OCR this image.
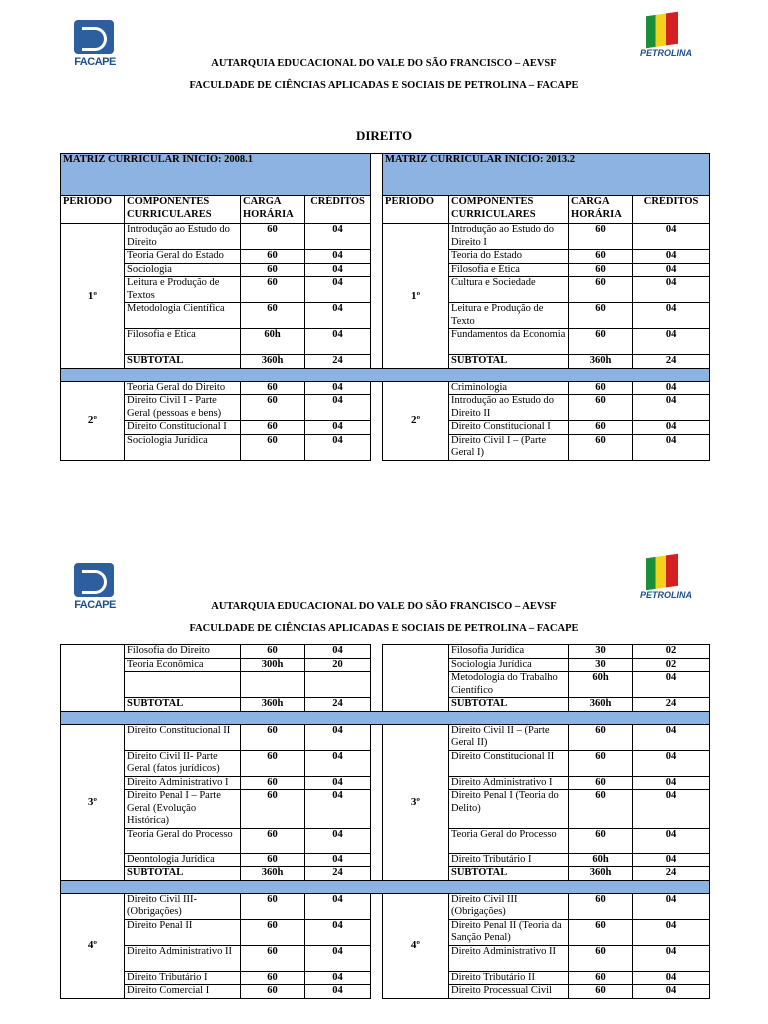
FACAPE
PETROLINA
AUTARQUIA EDUCACIONAL DO VALE DO SÃO FRANCISCO – AEVSF
FACULDADE DE CIÊNCIAS APLICADAS E SOCIAIS DE PETROLINA – FACAPE
DIREITO
MATRIZ CURRICULAR INICIO: 2008.1					MATRIZ CURRICULAR INICIO: 2013.2			
PERÍODO	COMPONENTES CURRICULARES	CARGA HORÁRIA	CRÉDITOS		PERÍODO	COMPONENTES CURRICULARES	CARGA HORÁRIA	CRÉDITOS
1º	Introdução ao Estudo do Direito	60	04		1º	Introdução ao Estudo do Direito I	60	04
	Teoria Geral do Estado	60	04			Teoria do Estado	60	04
	Sociologia	60	04			Filosofia e Ética	60	04
	Leitura e Produção de Textos	60	04			Cultura e Sociedade	60	04
	Metodologia Científica	60	04			Leitura e Produção de Texto	60	04
	Filosofia e Ética	60h	04			Fundamentos da Economia	60	04
	SUBTOTAL	360h	24			SUBTOTAL	360h	24

2º	Teoria Geral do Direito	60	04		2º	Criminologia	60	04
	Direito Civil I - Parte Geral (pessoas e bens)	60	04			Introdução ao Estudo do Direito II	60	04
	Direito Constitucional I	60	04			Direito Constitucional I	60	04
	Sociologia Jurídica	60	04			Direito Civil I – (Parte Geral I)	60	04
FACAPE
PETROLINA
AUTARQUIA EDUCACIONAL DO VALE DO SÃO FRANCISCO – AEVSF
FACULDADE DE CIÊNCIAS APLICADAS E SOCIAIS DE PETROLINA – FACAPE
	Filosofia do Direito	60	04			Filosofia Jurídica	30	02
	Teoria Econômica	300h	20			Sociologia Jurídica	30	02
						Metodologia do Trabalho Científico	60h	04
	SUBTOTAL	360h	24			SUBTOTAL	360h	24

3º	Direito Constitucional II	60	04		3º	Direito Civil II – (Parte Geral II)	60	04
	Direito Civil II- Parte Geral (fatos jurídicos)	60	04			Direito Constitucional II	60	04
	Direito Administrativo I	60	04			Direito Administrativo I	60	04
	Direito Penal I – Parte Geral (Evolução Histórica)	60	04			Direito Penal I (Teoria do Delito)	60	04
	Teoria Geral do Processo	60	04			Teoria Geral do Processo	60	04
	Deontologia Jurídica	60	04			Direito Tributário I	60h	04
	SUBTOTAL	360h	24			SUBTOTAL	360h	24

4º	Direito Civil III- (Obrigações)	60	04		4º	Direito Civil III (Obrigações)	60	04
	Direito Penal II	60	04			Direito Penal II (Teoria da Sanção Penal)	60	04
	Direito Administrativo II	60	04			Direito Administrativo II	60	04
	Direito Tributário I	60	04			Direito Tributário II	60	04
	Direito Comercial I	60	04			Direito Processual Civil	60	04
